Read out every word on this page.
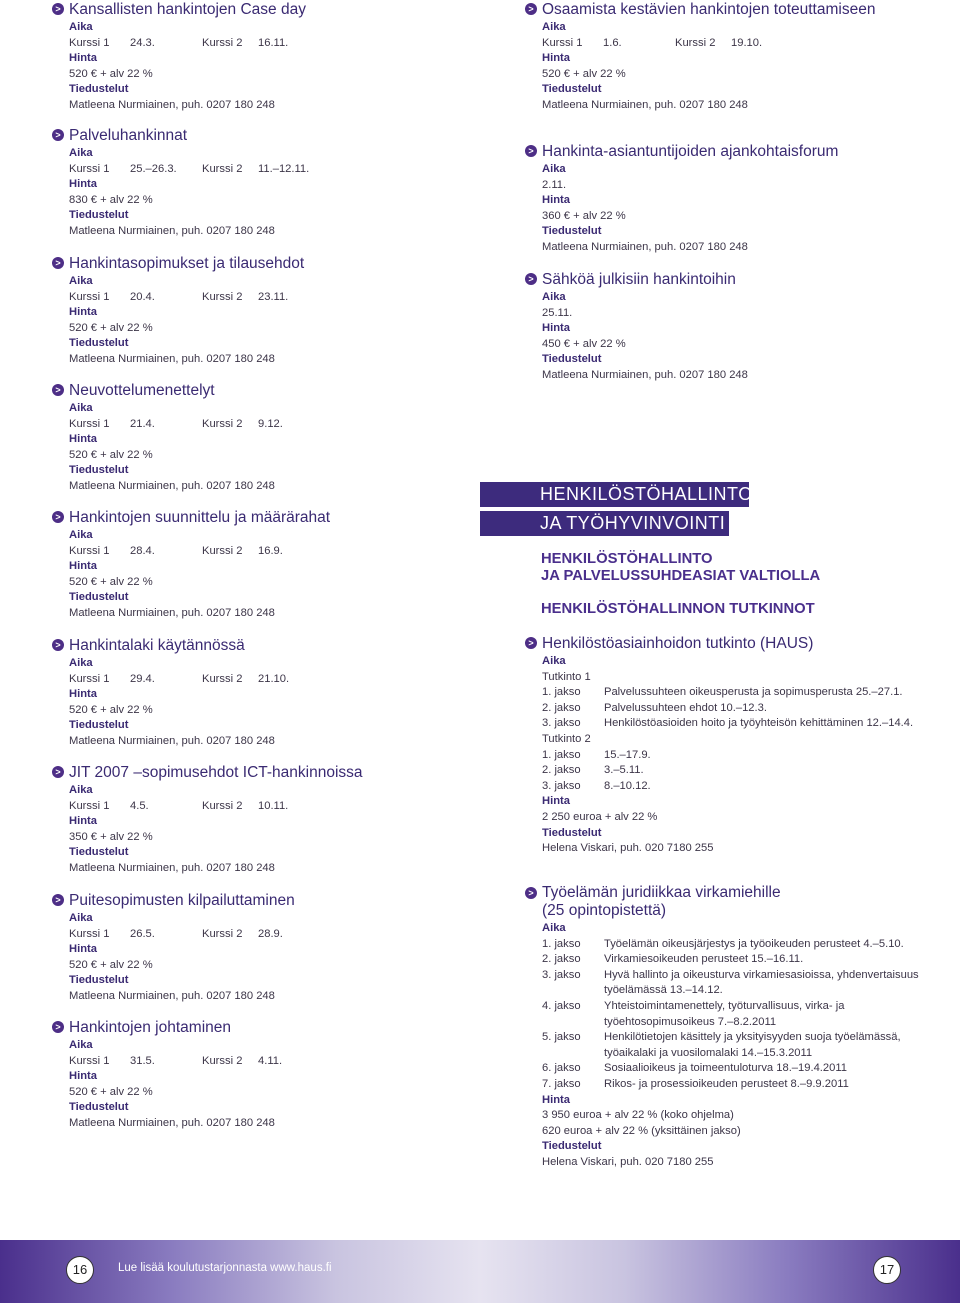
> Kansallisten hankintojen Case day
Aika
Kurssi 1 24.3.	Kurssi 2 16.11.
Hinta
520 € + alv 22 %
Tiedustelut
Matleena Nurmiainen, puh. 0207 180 248
> Palveluhankinnat
Aika
Kurssi 1 25.–26.3. Kurssi 2 11.–12.11.
Hinta
830 € + alv 22 %
Tiedustelut
Matleena Nurmiainen, puh. 0207 180 248
> Hankintasopimukset ja tilausehdot
Aika
Kurssi 1 20.4.	Kurssi 2 23.11.
Hinta
520 € + alv 22 %
Tiedustelut
Matleena Nurmiainen, puh. 0207 180 248
> Neuvottelumenettelyt
Aika
Kurssi 1 21.4.	Kurssi 2 9.12.
Hinta
520 € + alv 22 %
Tiedustelut
Matleena Nurmiainen, puh. 0207 180 248
> Hankintojen suunnittelu ja määrärahat
Aika
Kurssi 1 28.4.	Kurssi 2 16.9.
Hinta
520 € + alv 22 %
Tiedustelut
Matleena Nurmiainen, puh. 0207 180 248
> Hankintalaki käytännössä
Aika
Kurssi 1 29.4.	Kurssi 2 21.10.
Hinta
520 € + alv 22 %
Tiedustelut
Matleena Nurmiainen, puh. 0207 180 248
> JIT 2007 –sopimusehdot ICT-hankinnoissa
Aika
Kurssi 1 4.5.	Kurssi 2 10.11.
Hinta
350 € + alv 22 %
Tiedustelut
Matleena Nurmiainen, puh. 0207 180 248
> Puitesopimusten kilpailuttaminen
Aika
Kurssi 1 26.5.	Kurssi 2 28.9.
Hinta
520 € + alv 22 %
Tiedustelut
Matleena Nurmiainen, puh. 0207 180 248
> Hankintojen johtaminen
Aika
Kurssi 1 31.5.	Kurssi 2 4.11.
Hinta
520 € + alv 22 %
Tiedustelut
Matleena Nurmiainen, puh. 0207 180 248
> Osaamista kestävien hankintojen toteuttamiseen
Aika
Kurssi 1 1.6.	Kurssi 2 19.10.
Hinta
520 € + alv 22 %
Tiedustelut
Matleena Nurmiainen, puh. 0207 180 248
> Hankinta-asiantuntijoiden ajankohtaisforum
Aika
2.11.
Hinta
360 € + alv 22 %
Tiedustelut
Matleena Nurmiainen, puh. 0207 180 248
> Sähköä julkisiin hankintoihin
Aika
25.11.
Hinta
450 € + alv 22 %
Tiedustelut
Matleena Nurmiainen, puh. 0207 180 248
HENKILÖSTÖHALLINTO
JA TYÖHYVINVOINTI
HENKILÖSTÖHALLINTO
JA PALVELUSSUHDEASIAT VALTIOLLA
HENKILÖSTÖHALLINNON TUTKINNOT
> Henkilöstöasiainhoidon tutkinto (HAUS)
Aika
Tutkinto 1
1. jakso	Palvelussuhteen oikeusperusta ja sopimusperusta 25.–27.1.
2. jakso	Palvelussuhteen ehdot 10.–12.3.
3. jakso	Henkilöstöasioiden hoito ja työyhteisön kehittäminen 12.–14.4.
Tutkinto 2
1. jakso	15.–17.9.
2. jakso	3.–5.11.
3. jakso	8.–10.12.
Hinta
2 250 euroa + alv 22 %
Tiedustelut
Helena Viskari, puh. 020 7180 255
> Työelämän juridiikkaa virkamiehille
(25 opintopistettä)
Aika
1. jakso	Työelämän oikeusjärjestys ja työoikeuden perusteet 4.–5.10.
2. jakso	Virkamiesoikeuden perusteet 15.–16.11.
3. jakso	Hyvä hallinto ja oikeusturva virkamiesasioissa, yhdenvertaisuus työelämässä 13.–14.12.
4. jakso	Yhteistoimintamenettely, työturvallisuus, virka- ja työehtosopimusoikeus 7.–8.2.2011
5. jakso	Henkilötietojen käsittely ja yksityisyyden suoja työelämässä, työaikalaki ja vuosilomalaki 14.–15.3.2011
6. jakso	Sosiaalioikeus ja toimeentuloturva 18.–19.4.2011
7. jakso	Rikos- ja prosessioikeuden perusteet 8.–9.9.2011
Hinta
3 950 euroa + alv 22 % (koko ohjelma)
620 euroa + alv 22 % (yksittäinen jakso)
Tiedustelut
Helena Viskari, puh. 020 7180 255
16	Lue lisää koulutustarjonnasta www.haus.fi	17
